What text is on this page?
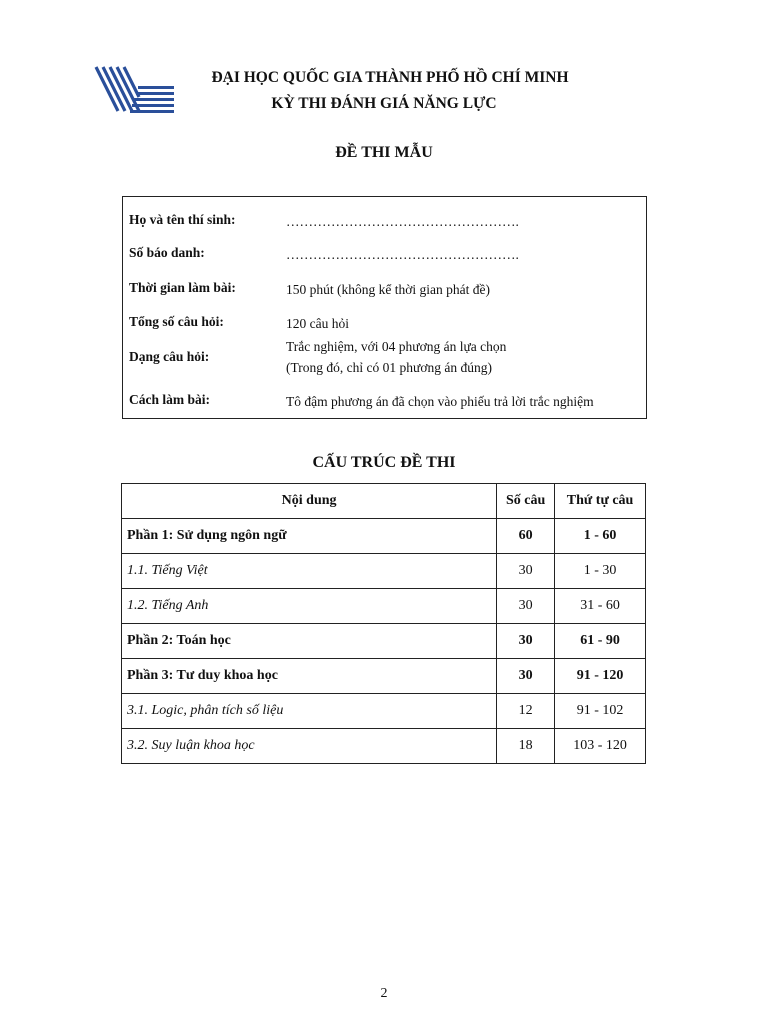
ĐẠI HỌC QUỐC GIA THÀNH PHỐ HỒ CHÍ MINH
KỲ THI ĐÁNH GIÁ NĂNG LỰC
ĐỀ THI MẪU
Họ và tên thí sinh:	…………………………………………….
Số báo danh:	…………………………………………….
Thời gian làm bài:	150 phút (không kể thời gian phát đề)
Tổng số câu hỏi:	120 câu hỏi
Dạng câu hỏi:
Trắc nghiệm, với 04 phương án lựa chọn
(Trong đó, chỉ có 01 phương án đúng)
Cách làm bài:	Tô đậm phương án đã chọn vào phiếu trả lời trắc nghiệm
CẤU TRÚC ĐỀ THI
Nội dung	Số câu	Thứ tự câu
Phần 1: Sử dụng ngôn ngữ	60	1 - 60
1.1. Tiếng Việt	30	1 - 30
1.2. Tiếng Anh	30	31 - 60
Phần 2: Toán học	30	61 - 90
Phần 3: Tư duy khoa học	30	91 - 120
3.1. Logic, phân tích số liệu	12	91 - 102
3.2. Suy luận khoa học	18	103 - 120
2
